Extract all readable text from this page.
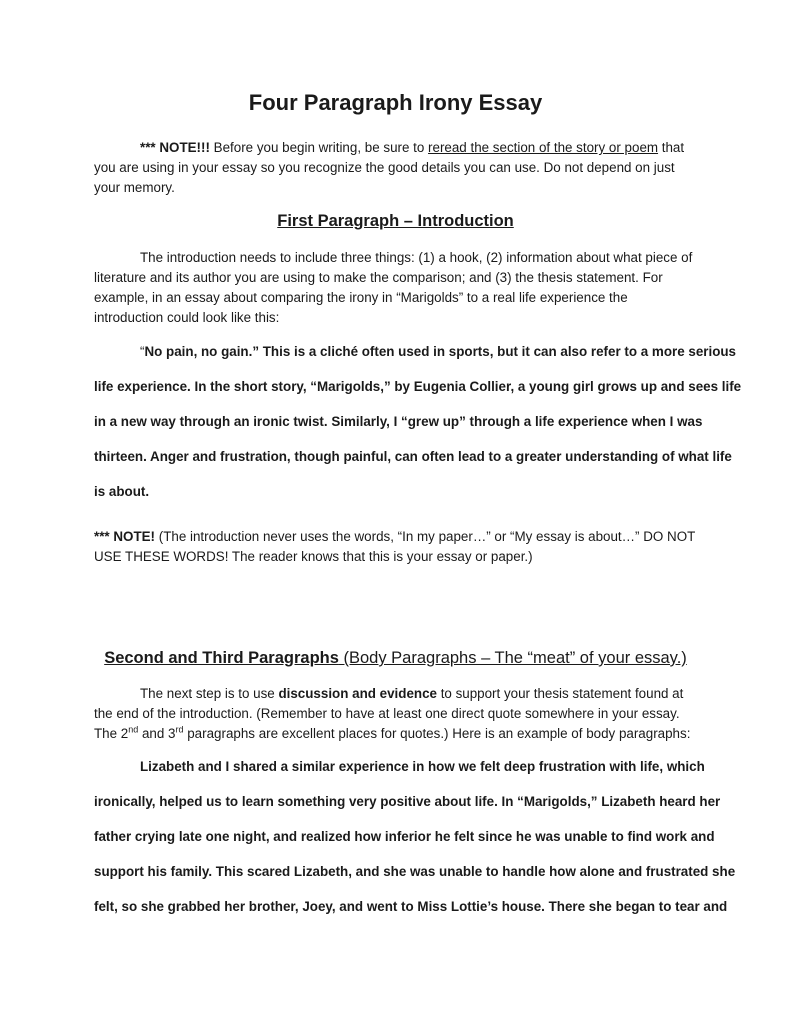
Four Paragraph Irony Essay
*** NOTE!!! Before you begin writing, be sure to reread the section of the story or poem that you are using in your essay so you recognize the good details you can use. Do not depend on just your memory.
First Paragraph – Introduction
The introduction needs to include three things: (1) a hook, (2) information about what piece of literature and its author you are using to make the comparison; and (3) the thesis statement. For example, in an essay about comparing the irony in “Marigolds” to a real life experience the introduction could look like this:
“No pain, no gain.” This is a cliché often used in sports, but it can also refer to a more serious
life experience. In the short story, “Marigolds,” by Eugenia Collier, a young girl grows up and sees life
in a new way through an ironic twist. Similarly, I “grew up” through a life experience when I was
thirteen. Anger and frustration, though painful, can often lead to a greater understanding of what life
is about.
*** NOTE! (The introduction never uses the words, “In my paper…” or “My essay is about…” DO NOT USE THESE WORDS! The reader knows that this is your essay or paper.)
Second and Third Paragraphs (Body Paragraphs – The “meat” of your essay.)
The next step is to use discussion and evidence to support your thesis statement found at the end of the introduction. (Remember to have at least one direct quote somewhere in your essay. The 2nd and 3rd paragraphs are excellent places for quotes.) Here is an example of body paragraphs:
Lizabeth and I shared a similar experience in how we felt deep frustration with life, which
ironically, helped us to learn something very positive about life. In “Marigolds,” Lizabeth heard her
father crying late one night, and realized how inferior he felt since he was unable to find work and
support his family. This scared Lizabeth, and she was unable to handle how alone and frustrated she
felt, so she grabbed her brother, Joey, and went to Miss Lottie’s house. There she began to tear and
